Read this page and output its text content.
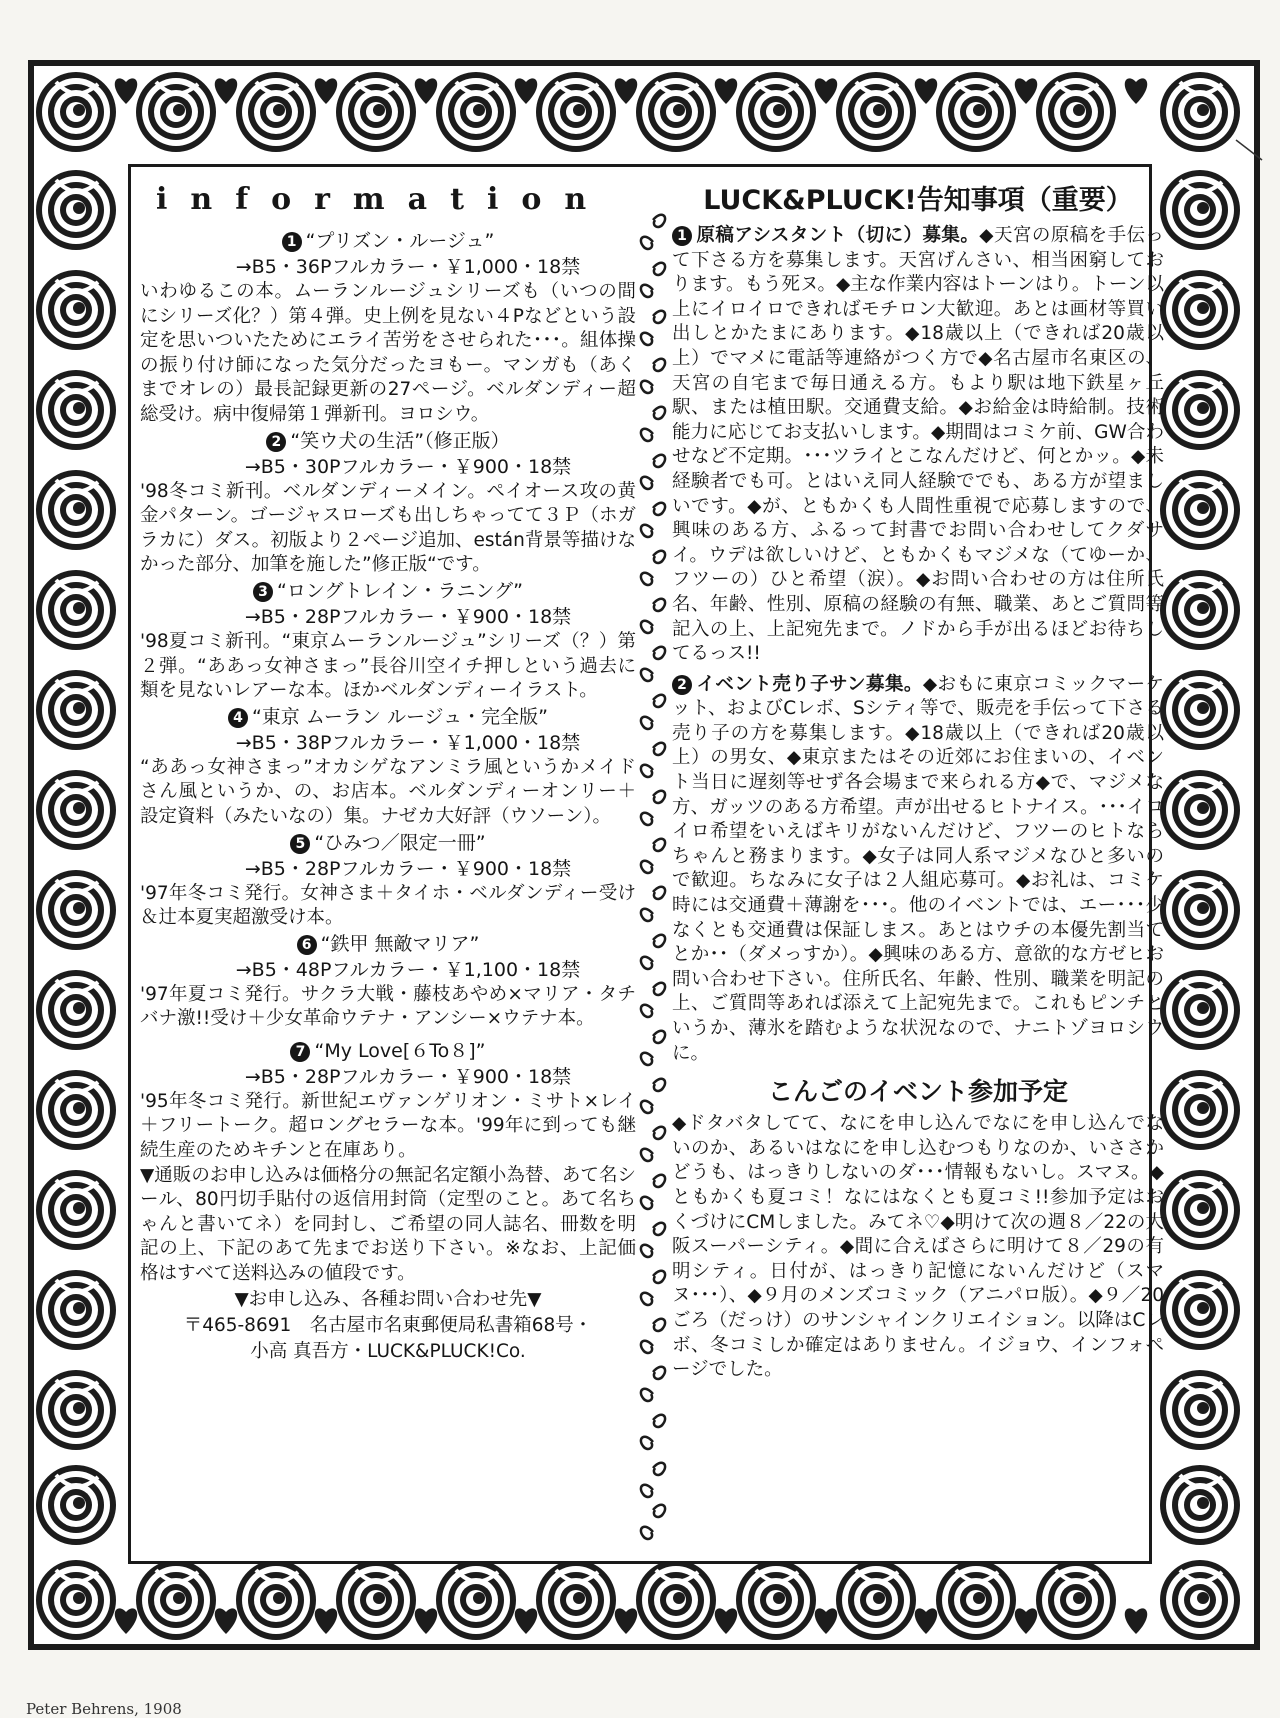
information
1 “プリズン・ルージュ”
→B5・36Pフルカラー・￥1,000・18禁
いわゆるこの本。ムーランルージュシリーズも（いつの間にシリーズ化？）第４弾。史上例を見ない４Pなどという設定を思いついたためにエライ苦労をさせられた･･･。組体操の振り付け師になった気分だったヨもー。マンガも（あくまでオレの）最長記録更新の27ページ。ベルダンディー超総受け。病中復帰第１弾新刊。ヨロシウ。
2 “笑ウ犬の生活”（修正版）
→B5・30Pフルカラー・￥900・18禁
'98冬コミ新刊。ベルダンディーメイン。ペイオース攻の黄金パターン。ゴージャスローズも出しちゃってて３Ｐ（ホガラカに）ダス。初版より２ページ追加、están背景等描けなかった部分、加筆を施した”修正版“です。
3 “ロングトレイン・ラニング”
→B5・28Pフルカラー・￥900・18禁
'98夏コミ新刊。“東京ムーランルージュ”シリーズ（？）第２弾。“ああっ女神さまっ”長谷川空イチ押しという過去に類を見ないレアーな本。ほかベルダンディーイラスト。
4 “東京 ムーラン ルージュ・完全版”
→B5・38Pフルカラー・￥1,000・18禁
“ああっ女神さまっ”オカシゲなアンミラ風というかメイドさん風というか、の、お店本。ベルダンディーオンリー＋設定資料（みたいなの）集。ナゼカ大好評（ウソーン）。
5 “ひみつ／限定一冊”
→B5・28Pフルカラー・￥900・18禁
'97年冬コミ発行。女神さま＋タイホ・ベルダンディー受け＆辻本夏実超激受け本。
6 “鉄甲 無敵マリア”
→B5・48Pフルカラー・￥1,100・18禁
'97年夏コミ発行。サクラ大戦・藤枝あやめ×マリア・タチバナ激!!受け＋少女革命ウテナ・アンシー×ウテナ本。
7 “My Love[６To８]”
→B5・28Pフルカラー・￥900・18禁
'95年冬コミ発行。新世紀エヴァンゲリオン・ミサト×レイ＋フリートーク。超ロングセラーな本。'99年に到っても継続生産のためキチンと在庫あり。
▼通販のお申し込みは価格分の無記名定額小為替、あて名シール、80円切手貼付の返信用封筒（定型のこと。あて名ちゃんと書いてネ）を同封し、ご希望の同人誌名、冊数を明記の上、下記のあて先までお送り下さい。※なお、上記価格はすべて送料込みの値段です。
▼お申し込み、各種お問い合わせ先▼
〒465-8691　名古屋市名東郵便局私書箱68号・
小高 真吾方・LUCK&PLUCK!Co.
LUCK&PLUCK!告知事項（重要）
1 原稿アシスタント（切に）募集。◆天宮の原稿を手伝って下さる方を募集します。天宮げんさい、相当困窮しております。もう死ヌ。◆主な作業内容はトーンはり。トーン以上にイロイロできればモチロン大歓迎。あとは画材等買い出しとかたまにあります。◆18歳以上（できれば20歳以上）でマメに電話等連絡がつく方で◆名古屋市名東区の、天宮の自宅まで毎日通える方。もより駅は地下鉄星ヶ丘駅、または植田駅。交通費支給。◆お給金は時給制。技術能力に応じてお支払いします。◆期間はコミケ前、GW合わせなど不定期。･･･ツライとこなんだけど、何とかッ。◆未経験者でも可。とはいえ同人経験ででも、ある方が望ましいです。◆が、ともかくも人間性重視で応募しますので、興味のある方、ふるって封書でお問い合わせしてクダサイ。ウデは欲しいけど、ともかくもマジメな（てゆーか、フツーの）ひと希望（涙）。◆お問い合わせの方は住所氏名、年齢、性別、原稿の経験の有無、職業、あとご質問等記入の上、上記宛先まで。ノドから手が出るほどお待ちしてるっス!!
2 イベント売り子サン募集。◆おもに東京コミックマーケット、およびCレボ、Sシティ等で、販売を手伝って下さる売り子の方を募集します。◆18歳以上（できれば20歳以上）の男女、◆東京またはその近郊にお住まいの、イベント当日に遅刻等せず各会場まで来られる方◆で、マジメな方、ガッツのある方希望。声が出せるヒトナイス。･･･イロイロ希望をいえばキリがないんだけど、フツーのヒトならちゃんと務まります。◆女子は同人系マジメなひと多いので歓迎。ちなみに女子は２人組応募可。◆お礼は、コミケ時には交通費＋薄謝を･･･。他のイベントでは、エー･･･少なくとも交通費は保証しまス。あとはウチの本優先割当てとか･･（ダメっすか）。◆興味のある方、意欲的な方ゼヒお問い合わせ下さい。住所氏名、年齢、性別、職業を明記の上、ご質問等あれば添えて上記宛先まで。これもピンチというか、薄氷を踏むような状況なので、ナニトゾヨロシウに。
こんごのイベント参加予定
◆ドタバタしてて、なにを申し込んでなにを申し込んでないのか、あるいはなにを申し込むつもりなのか、いささかどうも、はっきりしないのダ･･･情報もないし。スマヌ。◆ともかくも夏コミ！なにはなくとも夏コミ!!参加予定はおくづけにCMしました。みてネ♡◆明けて次の週８／22の大阪スーパーシティ。◆間に合えばさらに明けて８／29の有明シティ。日付が、はっきり記憶にないんだけど（スマヌ･･･）、◆９月のメンズコミック（アニパロ版）。◆９／20ごろ（だっけ）のサンシャインクリエイション。以降はCレボ、冬コミしか確定はありません。イジョウ、インフォページでした。
Peter Behrens, 1908
